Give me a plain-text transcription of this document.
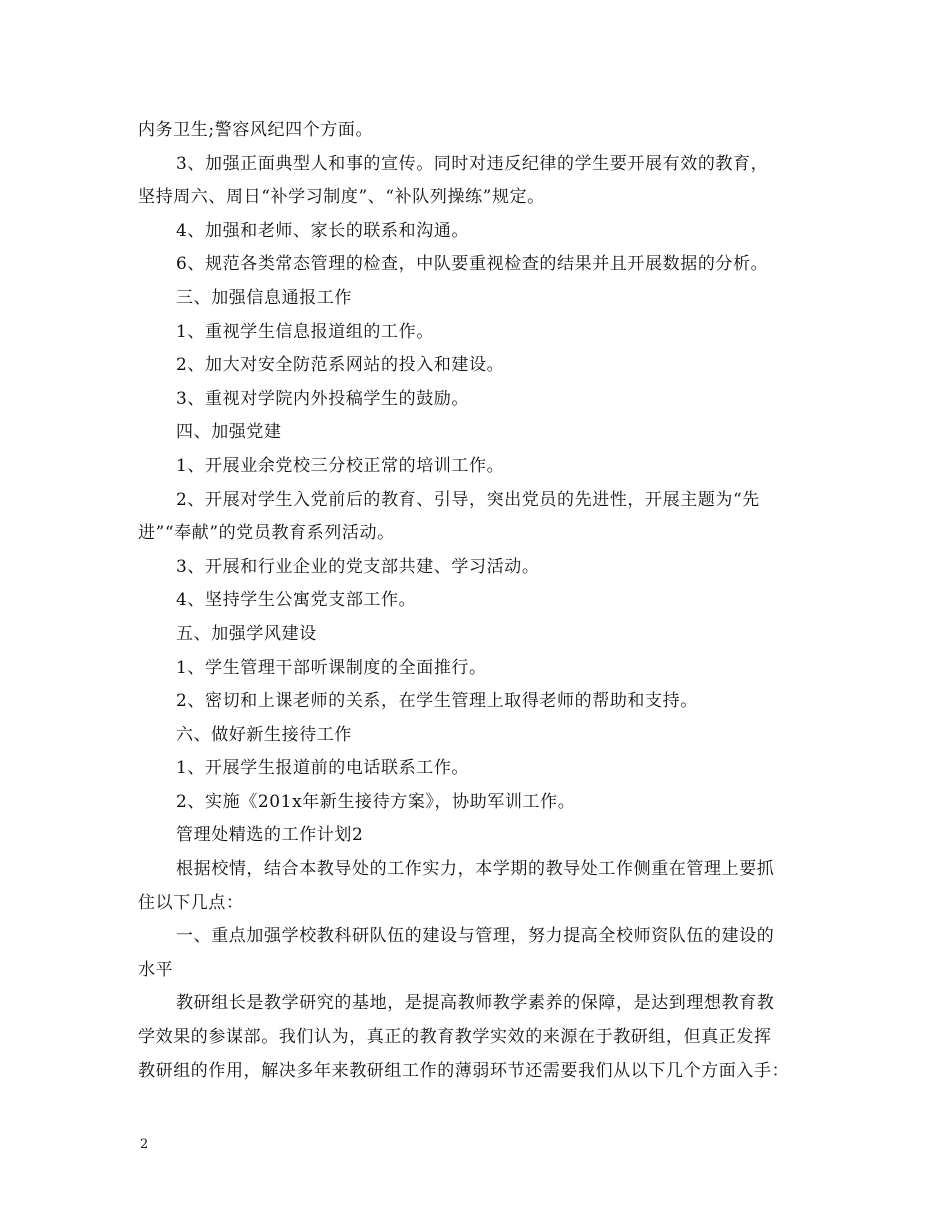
内务卫生;警容风纪四个方面。
3、加强正面典型人和事的宣传。同时对违反纪律的学生要开展有效的教育，
坚持周六、周日“补学习制度”、“补队列操练”规定。
4、加强和老师、家长的联系和沟通。
6、规范各类常态管理的检查，中队要重视检查的结果并且开展数据的分析。
三、加强信息通报工作
1、重视学生信息报道组的工作。
2、加大对安全防范系网站的投入和建设。
3、重视对学院内外投稿学生的鼓励。
四、加强党建
1、开展业余党校三分校正常的培训工作。
2、开展对学生入党前后的教育、引导，突出党员的先进性，开展主题为“先
进”“奉献”的党员教育系列活动。
3、开展和行业企业的党支部共建、学习活动。
4、坚持学生公寓党支部工作。
五、加强学风建设
1、学生管理干部听课制度的全面推行。
2、密切和上课老师的关系，在学生管理上取得老师的帮助和支持。
六、做好新生接待工作
1、开展学生报道前的电话联系工作。
2、实施《201x年新生接待方案》，协助军训工作。
管理处精选的工作计划2
根据校情，结合本教导处的工作实力，本学期的教导处工作侧重在管理上要抓
住以下几点：
一、重点加强学校教科研队伍的建设与管理，努力提高全校师资队伍的建设的
水平
教研组长是教学研究的基地，是提高教师教学素养的保障，是达到理想教育教
学效果的参谋部。我们认为，真正的教育教学实效的来源在于教研组，但真正发挥
教研组的作用，解决多年来教研组工作的薄弱环节还需要我们从以下几个方面入手：
2
